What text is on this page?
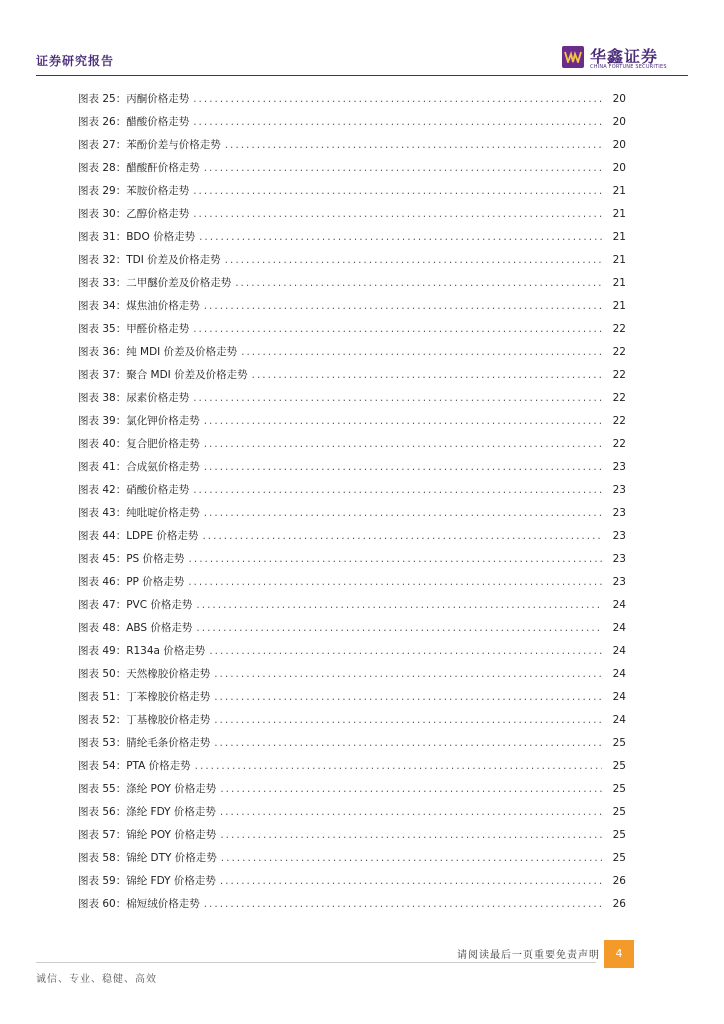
证券研究报告	华鑫证券
CHINA FORTUNE SECURITIES
图表 25：丙酮价格走势 .....	20
图表 26：醋酸价格走势 .....	20
图表 27：苯酚价差与价格走势 .....	20
图表 28：醋酸酐价格走势 .....	20
图表 29：苯胺价格走势 .....	21
图表 30：乙醇价格走势 .....	21
图表 31：BDO 价格走势 .....	21
图表 32：TDI 价差及价格走势 .....	21
图表 33：二甲醚价差及价格走势 .....	21
图表 34：煤焦油价格走势 .....	21
图表 35：甲醛价格走势 .....	22
图表 36：纯 MDI 价差及价格走势 .....	22
图表 37：聚合 MDI 价差及价格走势 .....	22
图表 38：尿素价格走势 .....	22
图表 39：氯化钾价格走势 .....	22
图表 40：复合肥价格走势 .....	22
图表 41：合成氨价格走势 .....	23
图表 42：硝酸价格走势 .....	23
图表 43：纯吡啶价格走势 .....	23
图表 44：LDPE 价格走势 .....	23
图表 45：PS 价格走势 .....	23
图表 46：PP 价格走势 .....	23
图表 47：PVC 价格走势 .....	24
图表 48：ABS 价格走势 .....	24
图表 49：R134a 价格走势 .....	24
图表 50：天然橡胶价格走势 .....	24
图表 51：丁苯橡胶价格走势 .....	24
图表 52：丁基橡胶价格走势 .....	24
图表 53：腈纶毛条价格走势 .....	25
图表 54：PTA 价格走势 .....	25
图表 55：涤纶 POY 价格走势 .....	25
图表 56：涤纶 FDY 价格走势 .....	25
图表 57：锦纶 POY 价格走势 .....	25
图表 58：锦纶 DTY 价格走势 .....	25
图表 59：锦纶 FDY 价格走势 .....	26
图表 60：棉短绒价格走势 .....	26
请阅读最后一页重要免责声明	4
诚信、专业、稳健、高效
